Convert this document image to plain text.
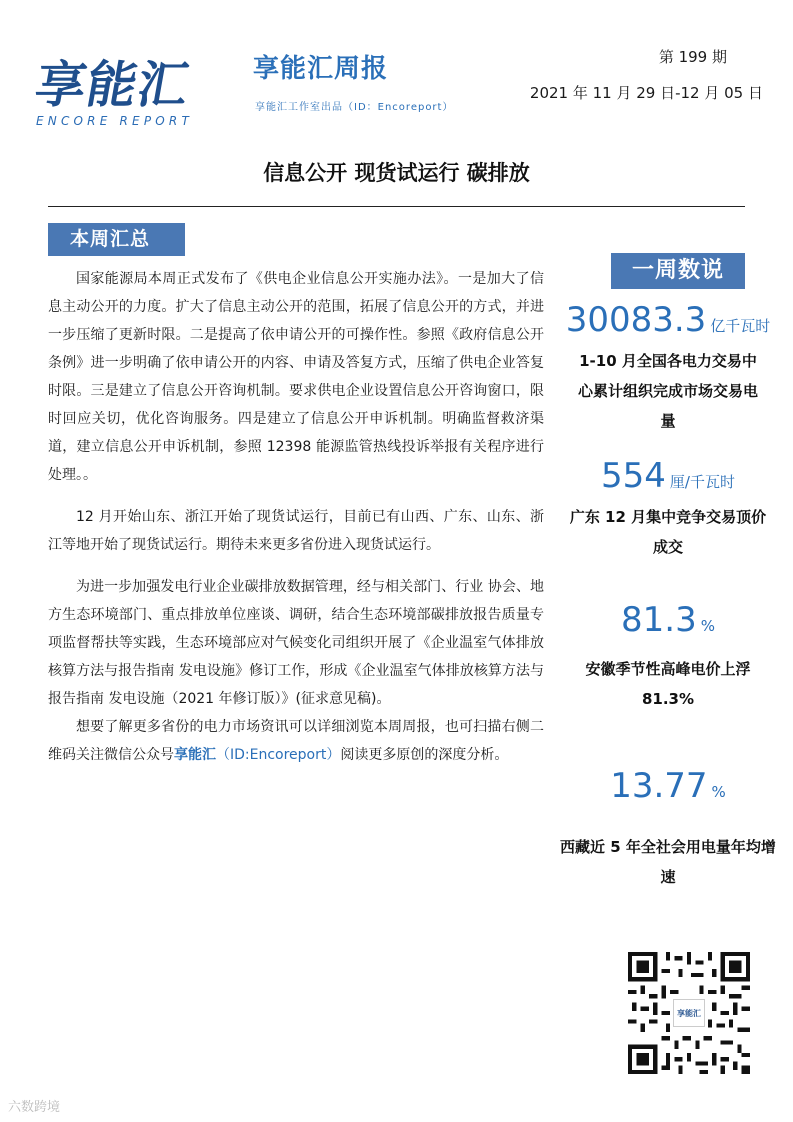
享能汇
ENCORE REPORT
享能汇周报
享能汇工作室出品（ID：Encoreport）
第 199 期
2021 年 11 月 29 日-12 月 05 日
信息公开 现货试运行 碳排放
本周汇总

国家能源局本周正式发布了《供电企业信息公开实施办法》。一是加大了信息主动公开的力度。扩大了信息主动公开的范围，拓展了信息公开的方式，并进一步压缩了更新时限。二是提高了依申请公开的可操作性。参照《政府信息公开条例》进一步明确了依申请公开的内容、申请及答复方式，压缩了供电企业答复时限。三是建立了信息公开咨询机制。要求供电企业设置信息公开咨询窗口，限时回应关切，优化咨询服务。四是建立了信息公开申诉机制。明确监督救济渠道，建立信息公开申诉机制，参照 12398 能源监管热线投诉举报有关程序进行处理。。

12 月开始山东、浙江开始了现货试运行，目前已有山西、广东、山东、浙江等地开始了现货试运行。期待未来更多省份进入现货试运行。

为进一步加强发电行业企业碳排放数据管理，经与相关部门、行业 协会、地方生态环境部门、重点排放单位座谈、调研，结合生态环境部碳排放报告质量专项监督帮扶等实践，生态环境部应对气候变化司组织开展了《企业温室气体排放核算方法与报告指南 发电设施》修订工作，形成《企业温室气体排放核算方法与报告指南 发电设施（2021 年修订版）》(征求意见稿)。

想要了解更多省份的电力市场资讯可以详细浏览本周周报，也可扫描右侧二维码关注微信公众号享能汇（ID:Encoreport）阅读更多原创的深度分析。

一周数说
30083.3 亿千瓦时
1-10 月全国各电力交易中心累计组织完成市场交易电量
554 厘/千瓦时
广东 12 月集中竞争交易顶价成交
81.3 %
安徽季节性高峰电价上浮 81.3%
13.77 %
西藏近 5 年全社会用电量年均增速
享能汇
六数跨境
